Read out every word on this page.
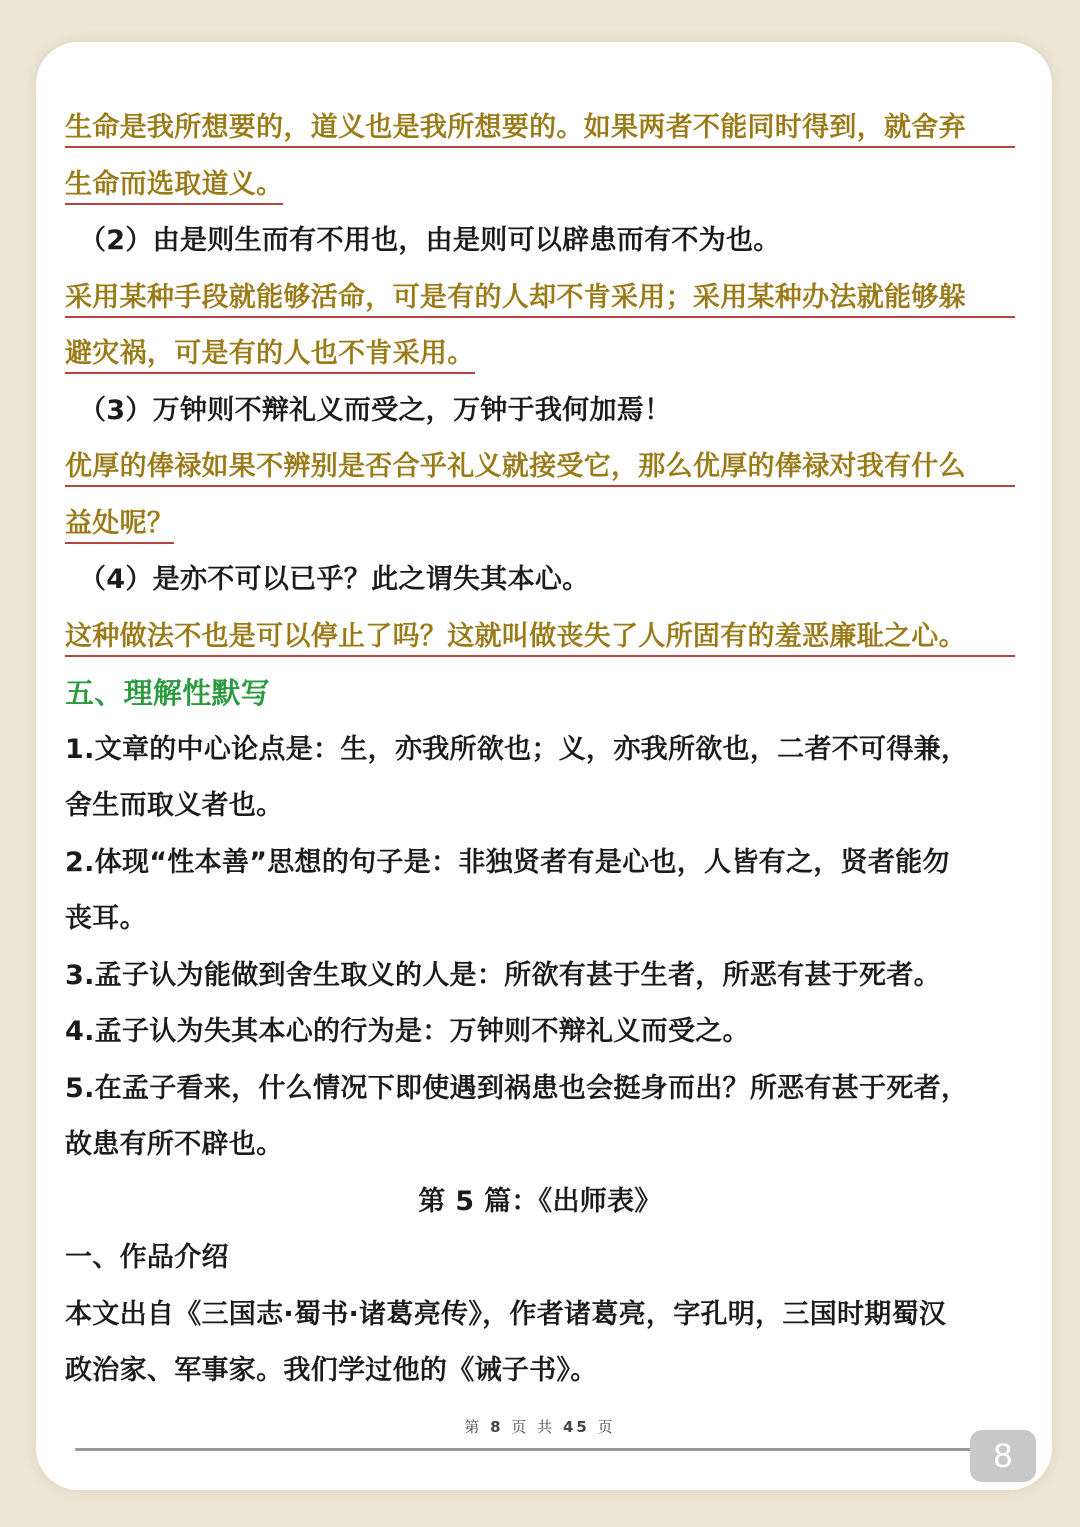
生命是我所想要的，道义也是我所想要的。如果两者不能同时得到，就舍弃
生命而选取道义。
（2）由是则生而有不用也，由是则可以辟患而有不为也。
采用某种手段就能够活命，可是有的人却不肯采用；采用某种办法就能够躲
避灾祸，可是有的人也不肯采用。
（3）万钟则不辩礼义而受之，万钟于我何加焉！
优厚的俸禄如果不辨别是否合乎礼义就接受它，那么优厚的俸禄对我有什么
益处呢？
（4）是亦不可以已乎？此之谓失其本心。
这种做法不也是可以停止了吗？这就叫做丧失了人所固有的羞恶廉耻之心。
五、理解性默写
1.文章的中心论点是：生，亦我所欲也；义，亦我所欲也，二者不可得兼，
舍生而取义者也。
2.体现“性本善”思想的句子是：非独贤者有是心也，人皆有之，贤者能勿
丧耳。
3.孟子认为能做到舍生取义的人是：所欲有甚于生者，所恶有甚于死者。
4.孟子认为失其本心的行为是：万钟则不辩礼义而受之。
5.在孟子看来，什么情况下即使遇到祸患也会挺身而出？所恶有甚于死者，
故患有所不辟也。
第 5 篇：《出师表》
一、作品介绍
本文出自《三国志·蜀书·诸葛亮传》，作者诸葛亮，字孔明，三国时期蜀汉
政治家、军事家。我们学过他的《诫子书》。
第 8 页 共 45 页
8
